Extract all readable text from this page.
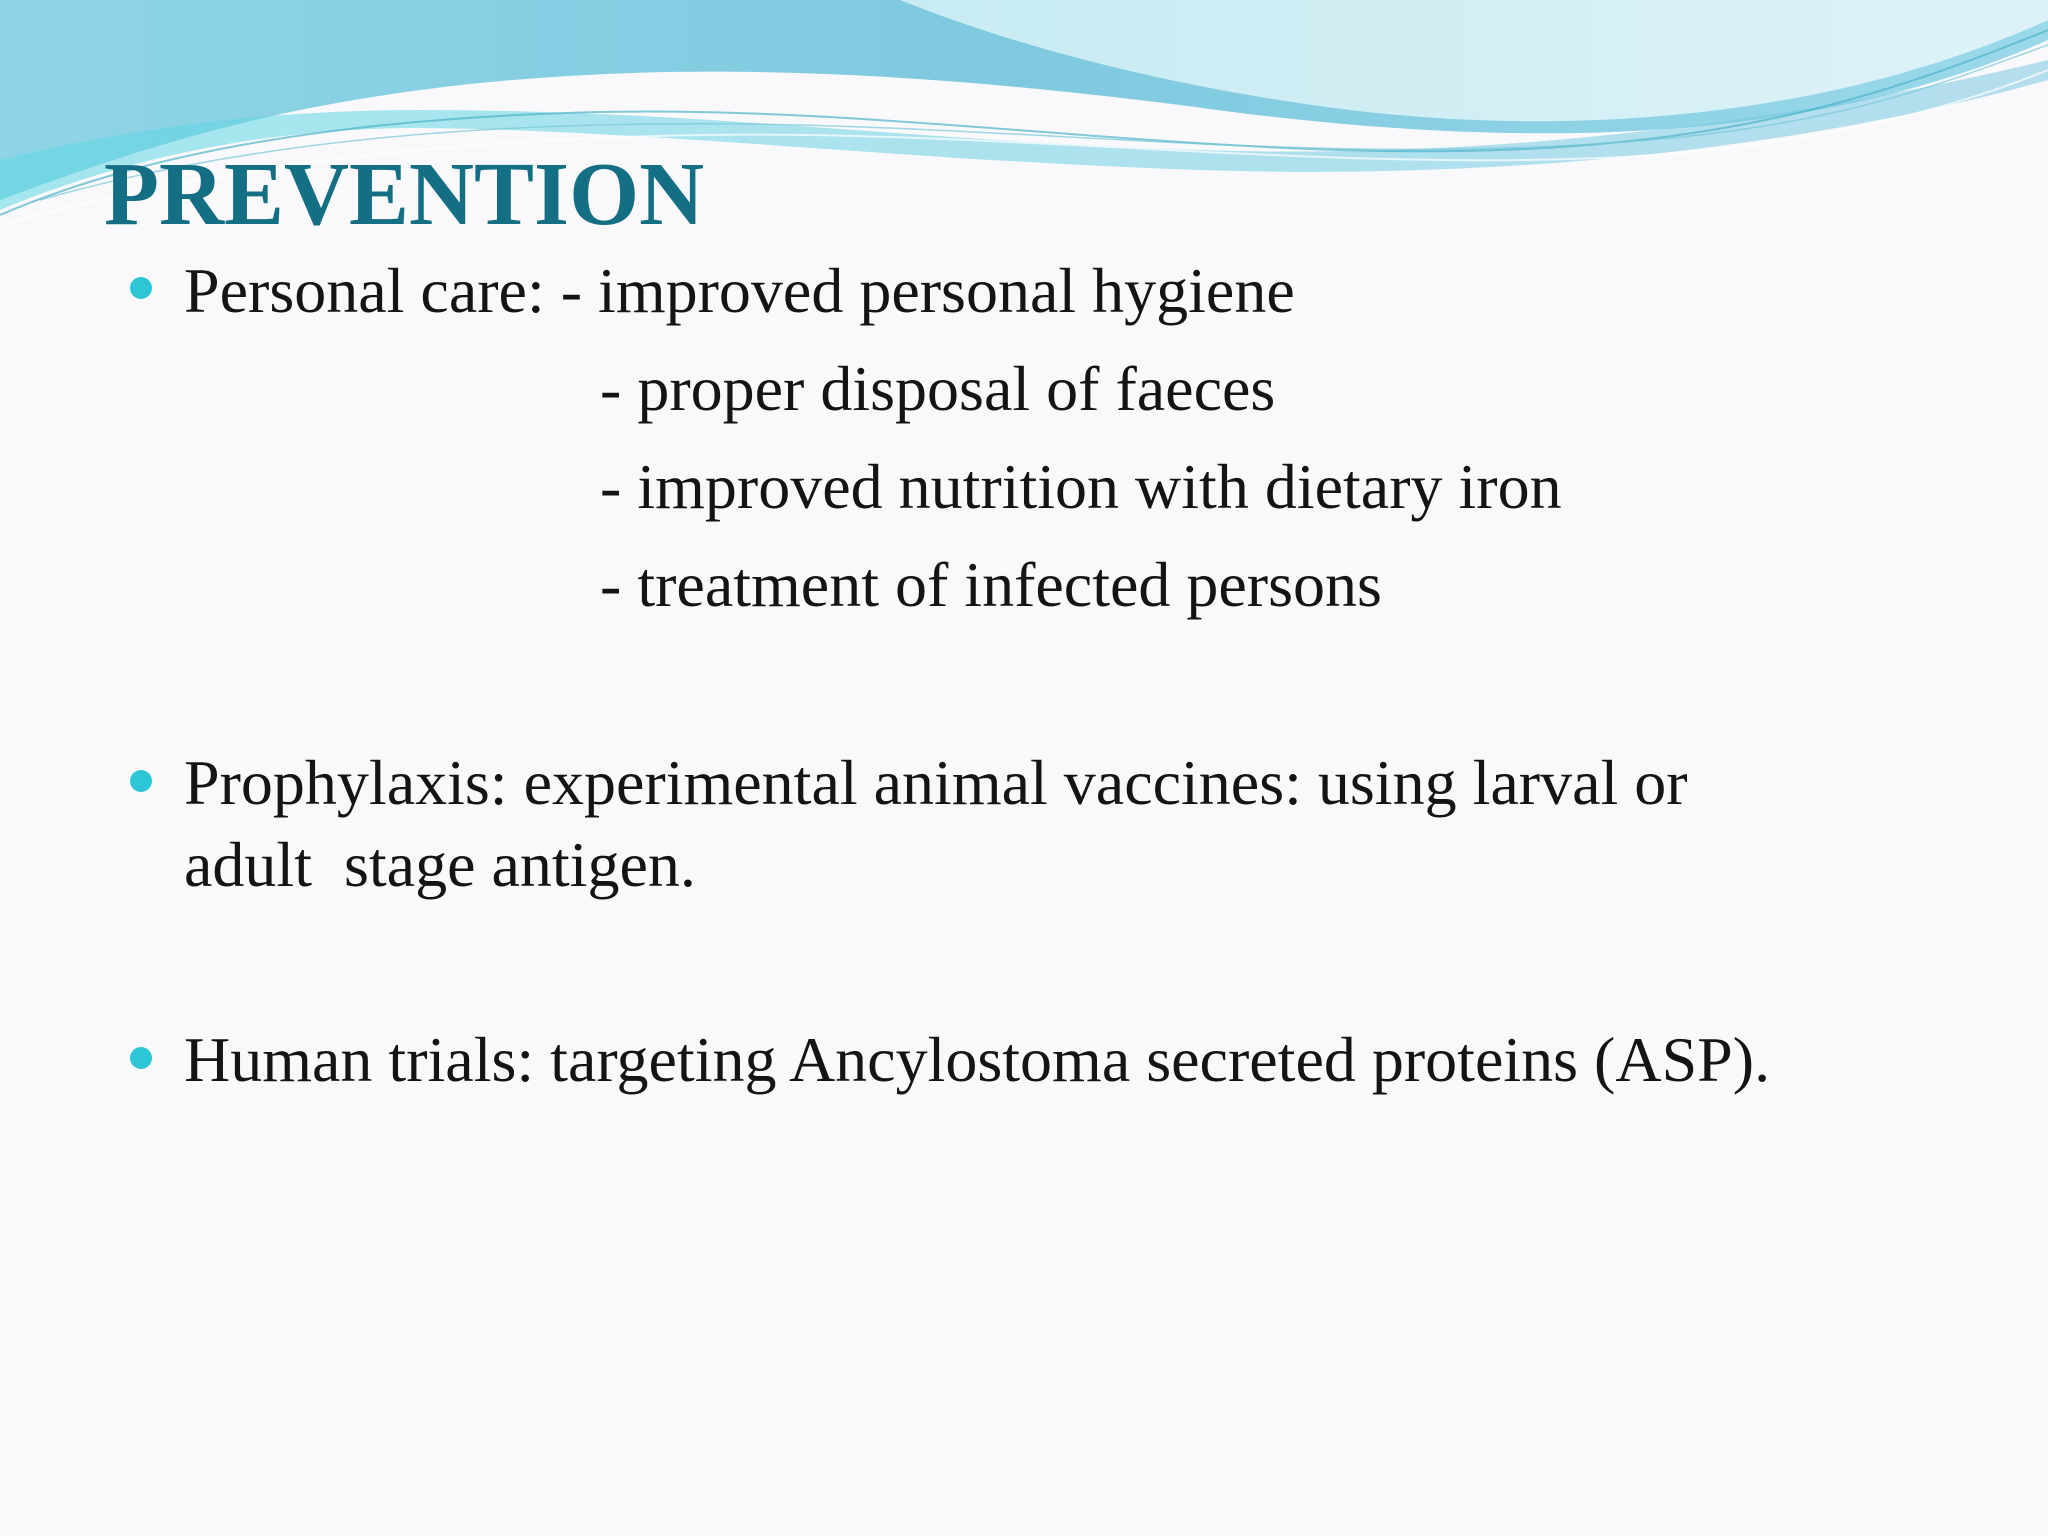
PREVENTION
Personal care: - improved personal hygiene
- proper disposal of faeces
- improved nutrition with dietary iron
- treatment of infected persons
Prophylaxis: experimental animal vaccines: using larval or
adult  stage antigen.
Human trials: targeting Ancylostoma secreted proteins (ASP).
